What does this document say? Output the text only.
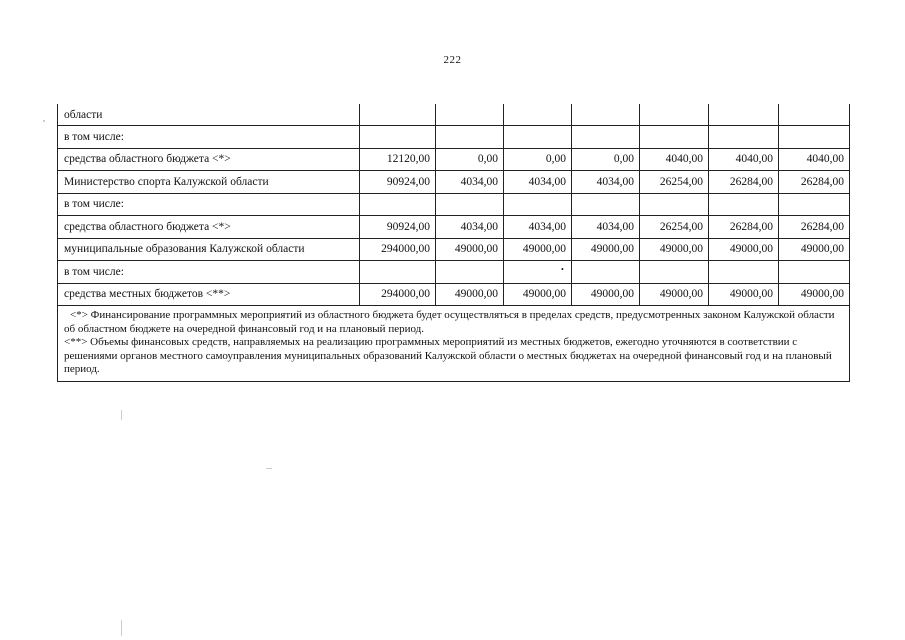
222
области							
в том числе:							
средства областного бюджета <*>	12120,00	0,00	0,00	0,00	4040,00	4040,00	4040,00
Министерство спорта Калужской области	90924,00	4034,00	4034,00	4034,00	26254,00	26284,00	26284,00
в том числе:							
средства областного бюджета <*>	90924,00	4034,00	4034,00	4034,00	26254,00	26284,00	26284,00
муниципальные образования Калужской области	294000,00	49000,00	49000,00	49000,00	49000,00	49000,00	49000,00
в том числе:							
средства местных бюджетов <**>	294000,00	49000,00	49000,00	49000,00	49000,00	49000,00	49000,00

<*> Финансирование программных мероприятий из областного бюджета будет осуществляться в пределах средств, предусмотренных законом Калужской области об областном бюджете на очередной финансовый год и на плановый период.
<**> Объемы финансовых средств, направляемых на реализацию программных мероприятий из местных бюджетов, ежегодно уточняются в соответствии с решениями органов местного самоуправления муниципальных образований Калужской области о местных бюджетах на очередной финансовый год и на плановый период.							
•
